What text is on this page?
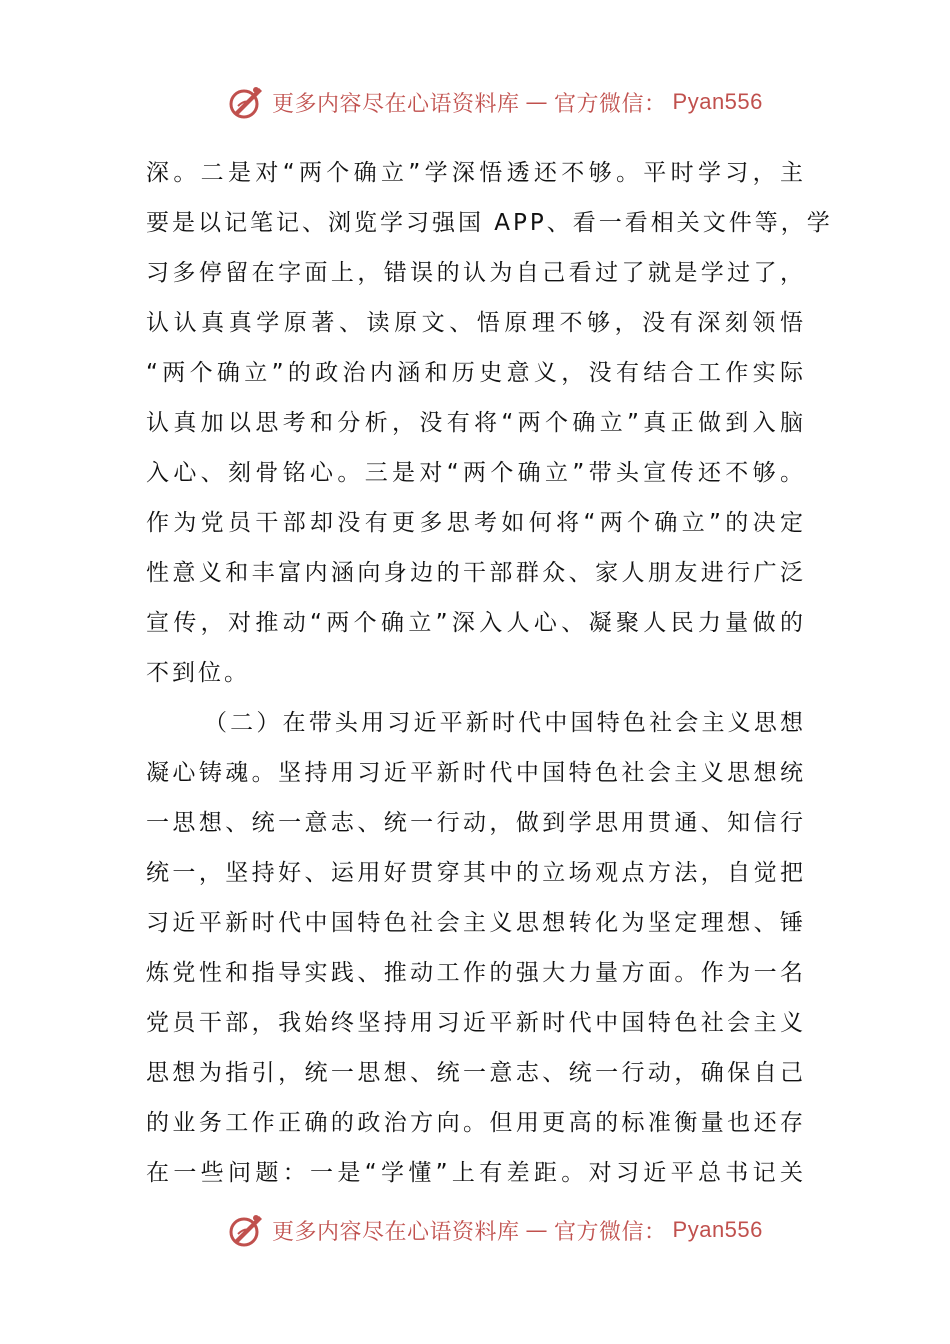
更多内容尽在心语资料库 — 官方微信： Pyan556
深。二是对“两个确立”学深悟透还不够。平时学习，主
要是以记笔记、浏览学习强国 APP、看一看相关文件等，学
习多停留在字面上，错误的认为自己看过了就是学过了，
认认真真学原著、读原文、悟原理不够，没有深刻领悟
“两个确立”的政治内涵和历史意义，没有结合工作实际
认真加以思考和分析，没有将“两个确立”真正做到入脑
入心、刻骨铭心。三是对“两个确立”带头宣传还不够。
作为党员干部却没有更多思考如何将“两个确立”的决定
性意义和丰富内涵向身边的干部群众、家人朋友进行广泛
宣传，对推动“两个确立”深入人心、凝聚人民力量做的
不到位。
（二）在带头用习近平新时代中国特色社会主义思想
凝心铸魂。坚持用习近平新时代中国特色社会主义思想统
一思想、统一意志、统一行动，做到学思用贯通、知信行
统一，坚持好、运用好贯穿其中的立场观点方法，自觉把
习近平新时代中国特色社会主义思想转化为坚定理想、锤
炼党性和指导实践、推动工作的强大力量方面。作为一名
党员干部，我始终坚持用习近平新时代中国特色社会主义
思想为指引，统一思想、统一意志、统一行动，确保自己
的业务工作正确的政治方向。但用更高的标准衡量也还存
在一些问题：一是“学懂”上有差距。对习近平总书记关
更多内容尽在心语资料库 — 官方微信： Pyan556
